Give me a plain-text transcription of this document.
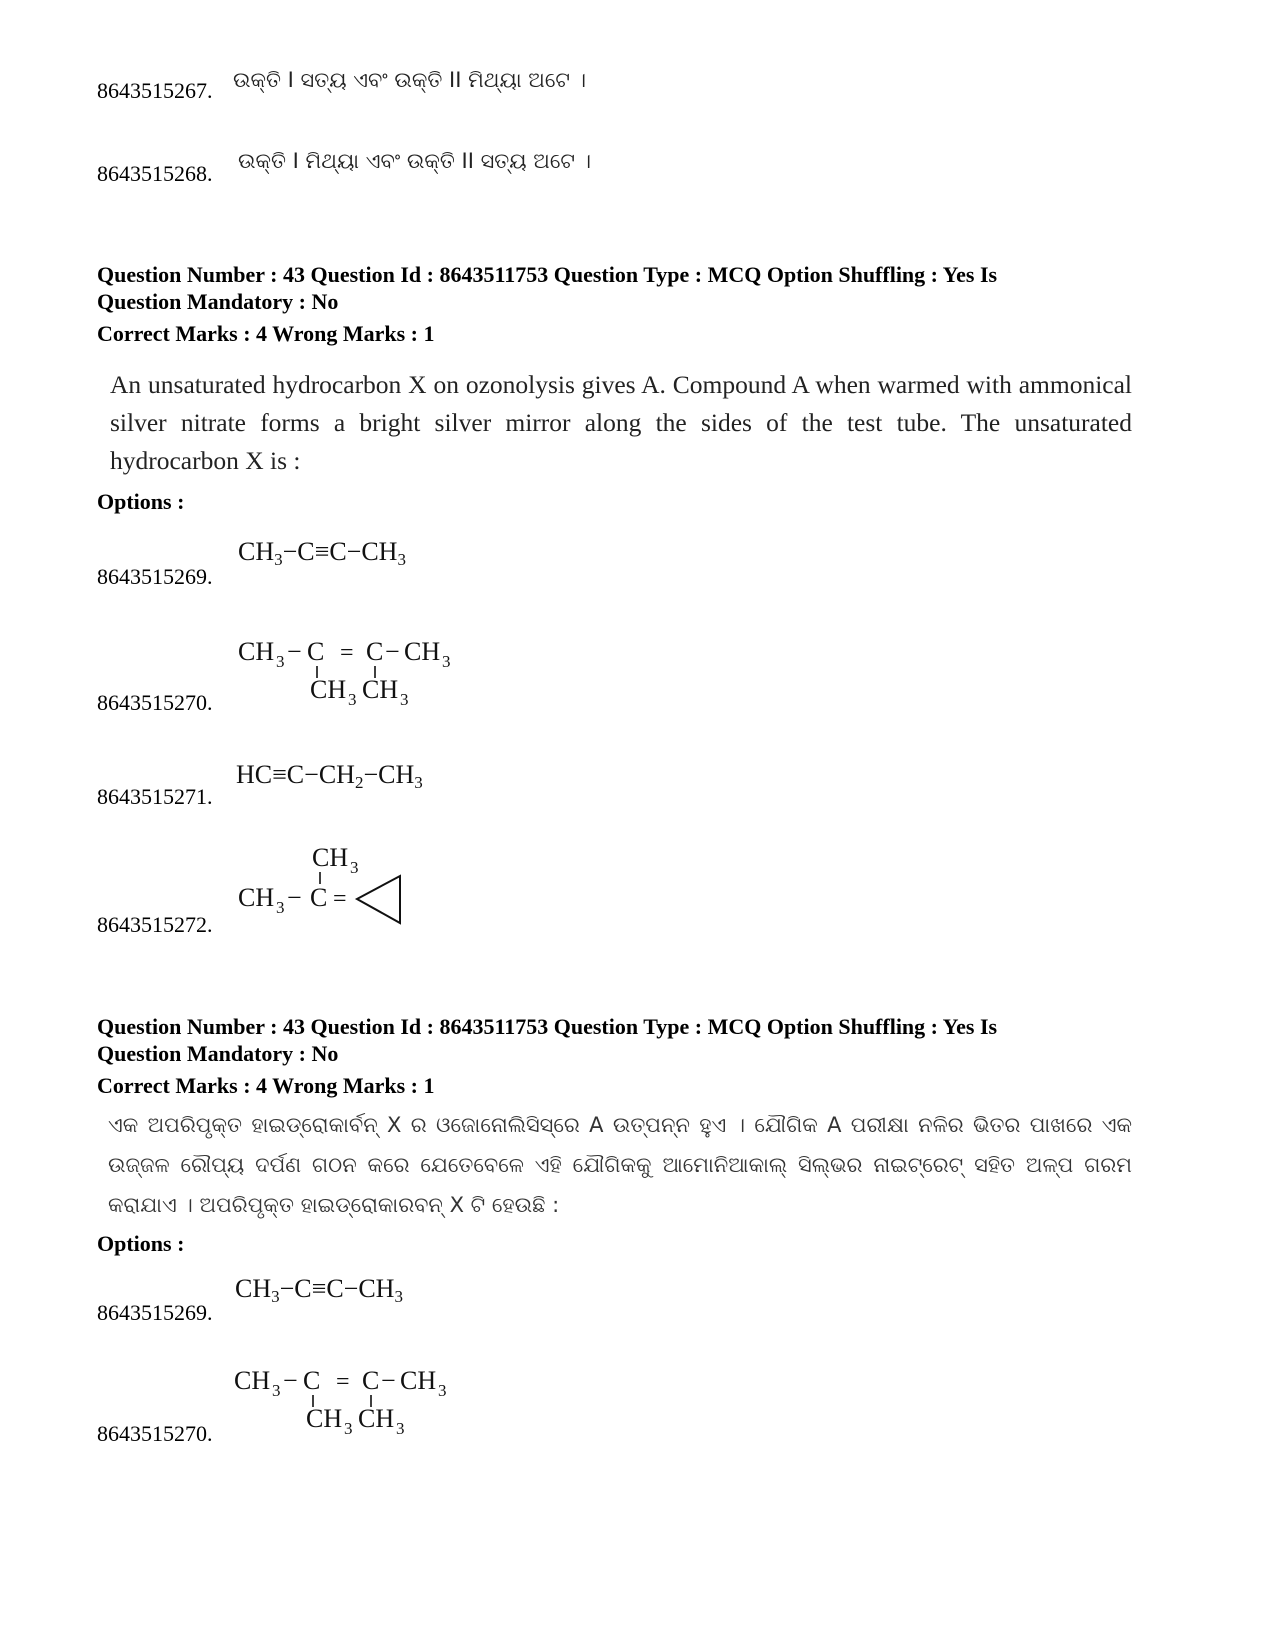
8643515267. ଉକ୍ତି I ସତ୍ୟ ଏବଂ ଉକ୍ତି II ମିଥ୍ୟା ଅଟେ ।
8643515268. ଉକ୍ତି I ମିଥ୍ୟା ଏବଂ ଉକ୍ତି II ସତ୍ୟ ଅଟେ ।
Question Number : 43 Question Id : 8643511753 Question Type : MCQ Option Shuffling : Yes Is
Question Mandatory : No
Correct Marks : 4 Wrong Marks : 1
An unsaturated hydrocarbon X on ozonolysis gives A. Compound A when warmed with ammonical silver nitrate forms a bright silver mirror along the sides of the test tube. The unsaturated hydrocarbon X is :
Options :
8643515269.
$CH_3-C\equiv C-CH_3$
8643515270.
CH 3 − C = C − CH 3
CH 3 CH 3
8643515271.
$HC\equiv C-CH_2-CH_3$
8643515272.
CH 3
CH 3 − C =
Question Number : 43 Question Id : 8643511753 Question Type : MCQ Option Shuffling : Yes Is
Question Mandatory : No
Correct Marks : 4 Wrong Marks : 1
ଏକ ଅପରିପୃକ୍ତ ହାଇଡ୍ରୋକାର୍ବନ୍ X ର ଓଜୋନୋଲିସିସ୍‌ରେ A ଉତ୍ପନ୍ନ ହୁଏ । ଯୌଗିକ A ପରୀକ୍ଷା ନଳିର ଭିତର ପାଖରେ ଏକ ଉଜ୍ଜଳ ରୌପ୍ୟ ଦର୍ପଣ ଗଠନ କରେ ଯେତେବେଳେ ଏହି ଯୌଗିକକୁ ଆମୋନିଆକାଲ୍ ସିଲ୍‌ଭର ନାଇଟ୍ରେଟ୍ ସହିତ ଅଳ୍ପ ଗରମ କରାଯାଏ । ଅପରିପୃକ୍ତ ହାଇଡ୍ରୋକାରବନ୍ X ଟି ହେଉଛି :
Options :
8643515269.
$CH_3-C\equiv C-CH_3$
8643515270.
CH 3 − C = C − CH 3
CH 3 CH 3
